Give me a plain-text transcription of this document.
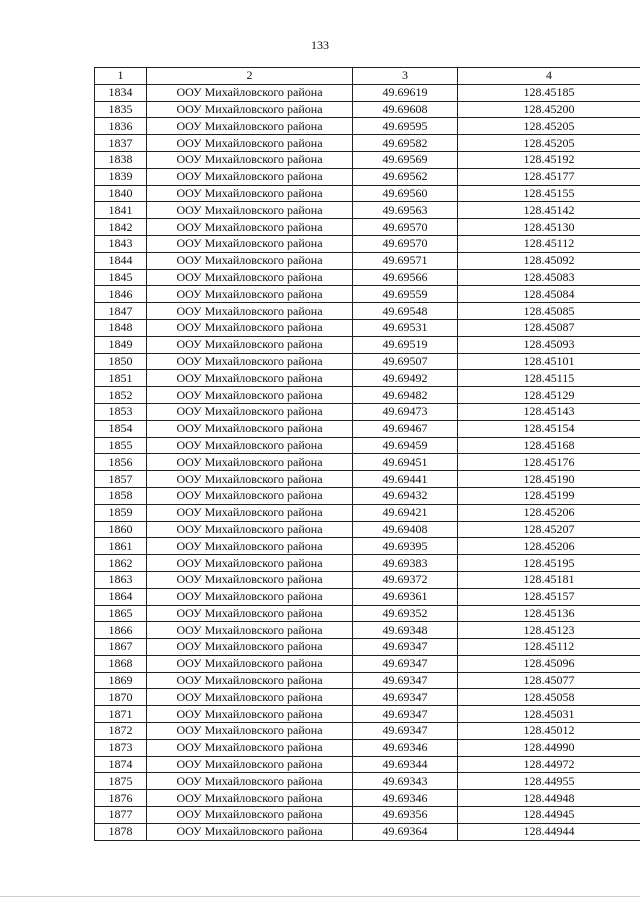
133
1	2	3	4
1834	ООУ Михайловского района	49.69619	128.45185
1835	ООУ Михайловского района	49.69608	128.45200
1836	ООУ Михайловского района	49.69595	128.45205
1837	ООУ Михайловского района	49.69582	128.45205
1838	ООУ Михайловского района	49.69569	128.45192
1839	ООУ Михайловского района	49.69562	128.45177
1840	ООУ Михайловского района	49.69560	128.45155
1841	ООУ Михайловского района	49.69563	128.45142
1842	ООУ Михайловского района	49.69570	128.45130
1843	ООУ Михайловского района	49.69570	128.45112
1844	ООУ Михайловского района	49.69571	128.45092
1845	ООУ Михайловского района	49.69566	128.45083
1846	ООУ Михайловского района	49.69559	128.45084
1847	ООУ Михайловского района	49.69548	128.45085
1848	ООУ Михайловского района	49.69531	128.45087
1849	ООУ Михайловского района	49.69519	128.45093
1850	ООУ Михайловского района	49.69507	128.45101
1851	ООУ Михайловского района	49.69492	128.45115
1852	ООУ Михайловского района	49.69482	128.45129
1853	ООУ Михайловского района	49.69473	128.45143
1854	ООУ Михайловского района	49.69467	128.45154
1855	ООУ Михайловского района	49.69459	128.45168
1856	ООУ Михайловского района	49.69451	128.45176
1857	ООУ Михайловского района	49.69441	128.45190
1858	ООУ Михайловского района	49.69432	128.45199
1859	ООУ Михайловского района	49.69421	128.45206
1860	ООУ Михайловского района	49.69408	128.45207
1861	ООУ Михайловского района	49.69395	128.45206
1862	ООУ Михайловского района	49.69383	128.45195
1863	ООУ Михайловского района	49.69372	128.45181
1864	ООУ Михайловского района	49.69361	128.45157
1865	ООУ Михайловского района	49.69352	128.45136
1866	ООУ Михайловского района	49.69348	128.45123
1867	ООУ Михайловского района	49.69347	128.45112
1868	ООУ Михайловского района	49.69347	128.45096
1869	ООУ Михайловского района	49.69347	128.45077
1870	ООУ Михайловского района	49.69347	128.45058
1871	ООУ Михайловского района	49.69347	128.45031
1872	ООУ Михайловского района	49.69347	128.45012
1873	ООУ Михайловского района	49.69346	128.44990
1874	ООУ Михайловского района	49.69344	128.44972
1875	ООУ Михайловского района	49.69343	128.44955
1876	ООУ Михайловского района	49.69346	128.44948
1877	ООУ Михайловского района	49.69356	128.44945
1878	ООУ Михайловского района	49.69364	128.44944
